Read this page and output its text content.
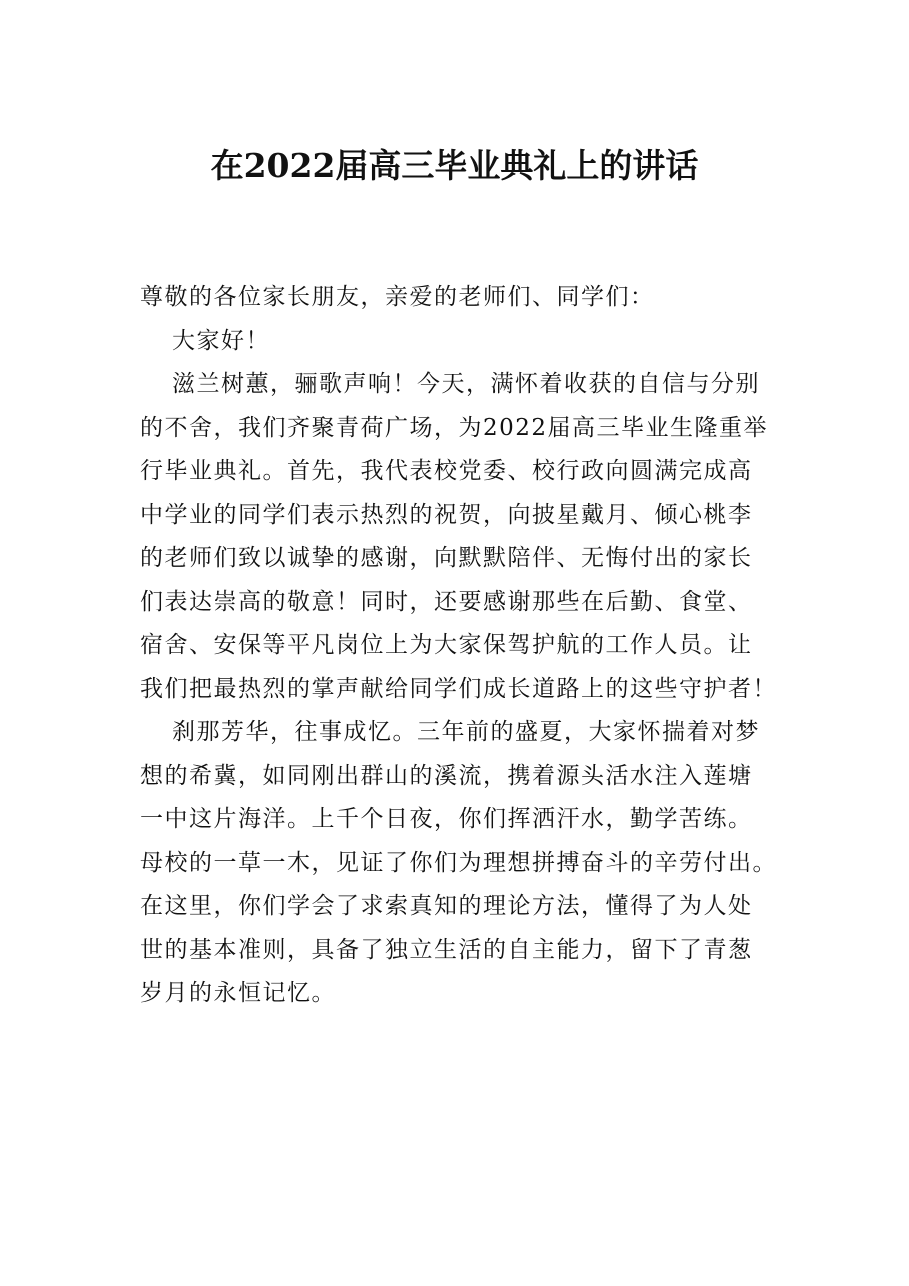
在2022届高三毕业典礼上的讲话
尊敬的各位家长朋友，亲爱的老师们、同学们：
大家好！
滋兰树蕙，骊歌声响！今天，满怀着收获的自信与分别
的不舍，我们齐聚青荷广场，为2022届高三毕业生隆重举
行毕业典礼。首先，我代表校党委、校行政向圆满完成高
中学业的同学们表示热烈的祝贺，向披星戴月、倾心桃李
的老师们致以诚挚的感谢，向默默陪伴、无悔付出的家长
们表达崇高的敬意！同时，还要感谢那些在后勤、食堂、
宿舍、安保等平凡岗位上为大家保驾护航的工作人员。让
我们把最热烈的掌声献给同学们成长道路上的这些守护者！
刹那芳华，往事成忆。三年前的盛夏，大家怀揣着对梦
想的希冀，如同刚出群山的溪流，携着源头活水注入莲塘
一中这片海洋。上千个日夜，你们挥洒汗水，勤学苦练。
母校的一草一木，见证了你们为理想拼搏奋斗的辛劳付出。
在这里，你们学会了求索真知的理论方法，懂得了为人处
世的基本准则，具备了独立生活的自主能力，留下了青葱
岁月的永恒记忆。
